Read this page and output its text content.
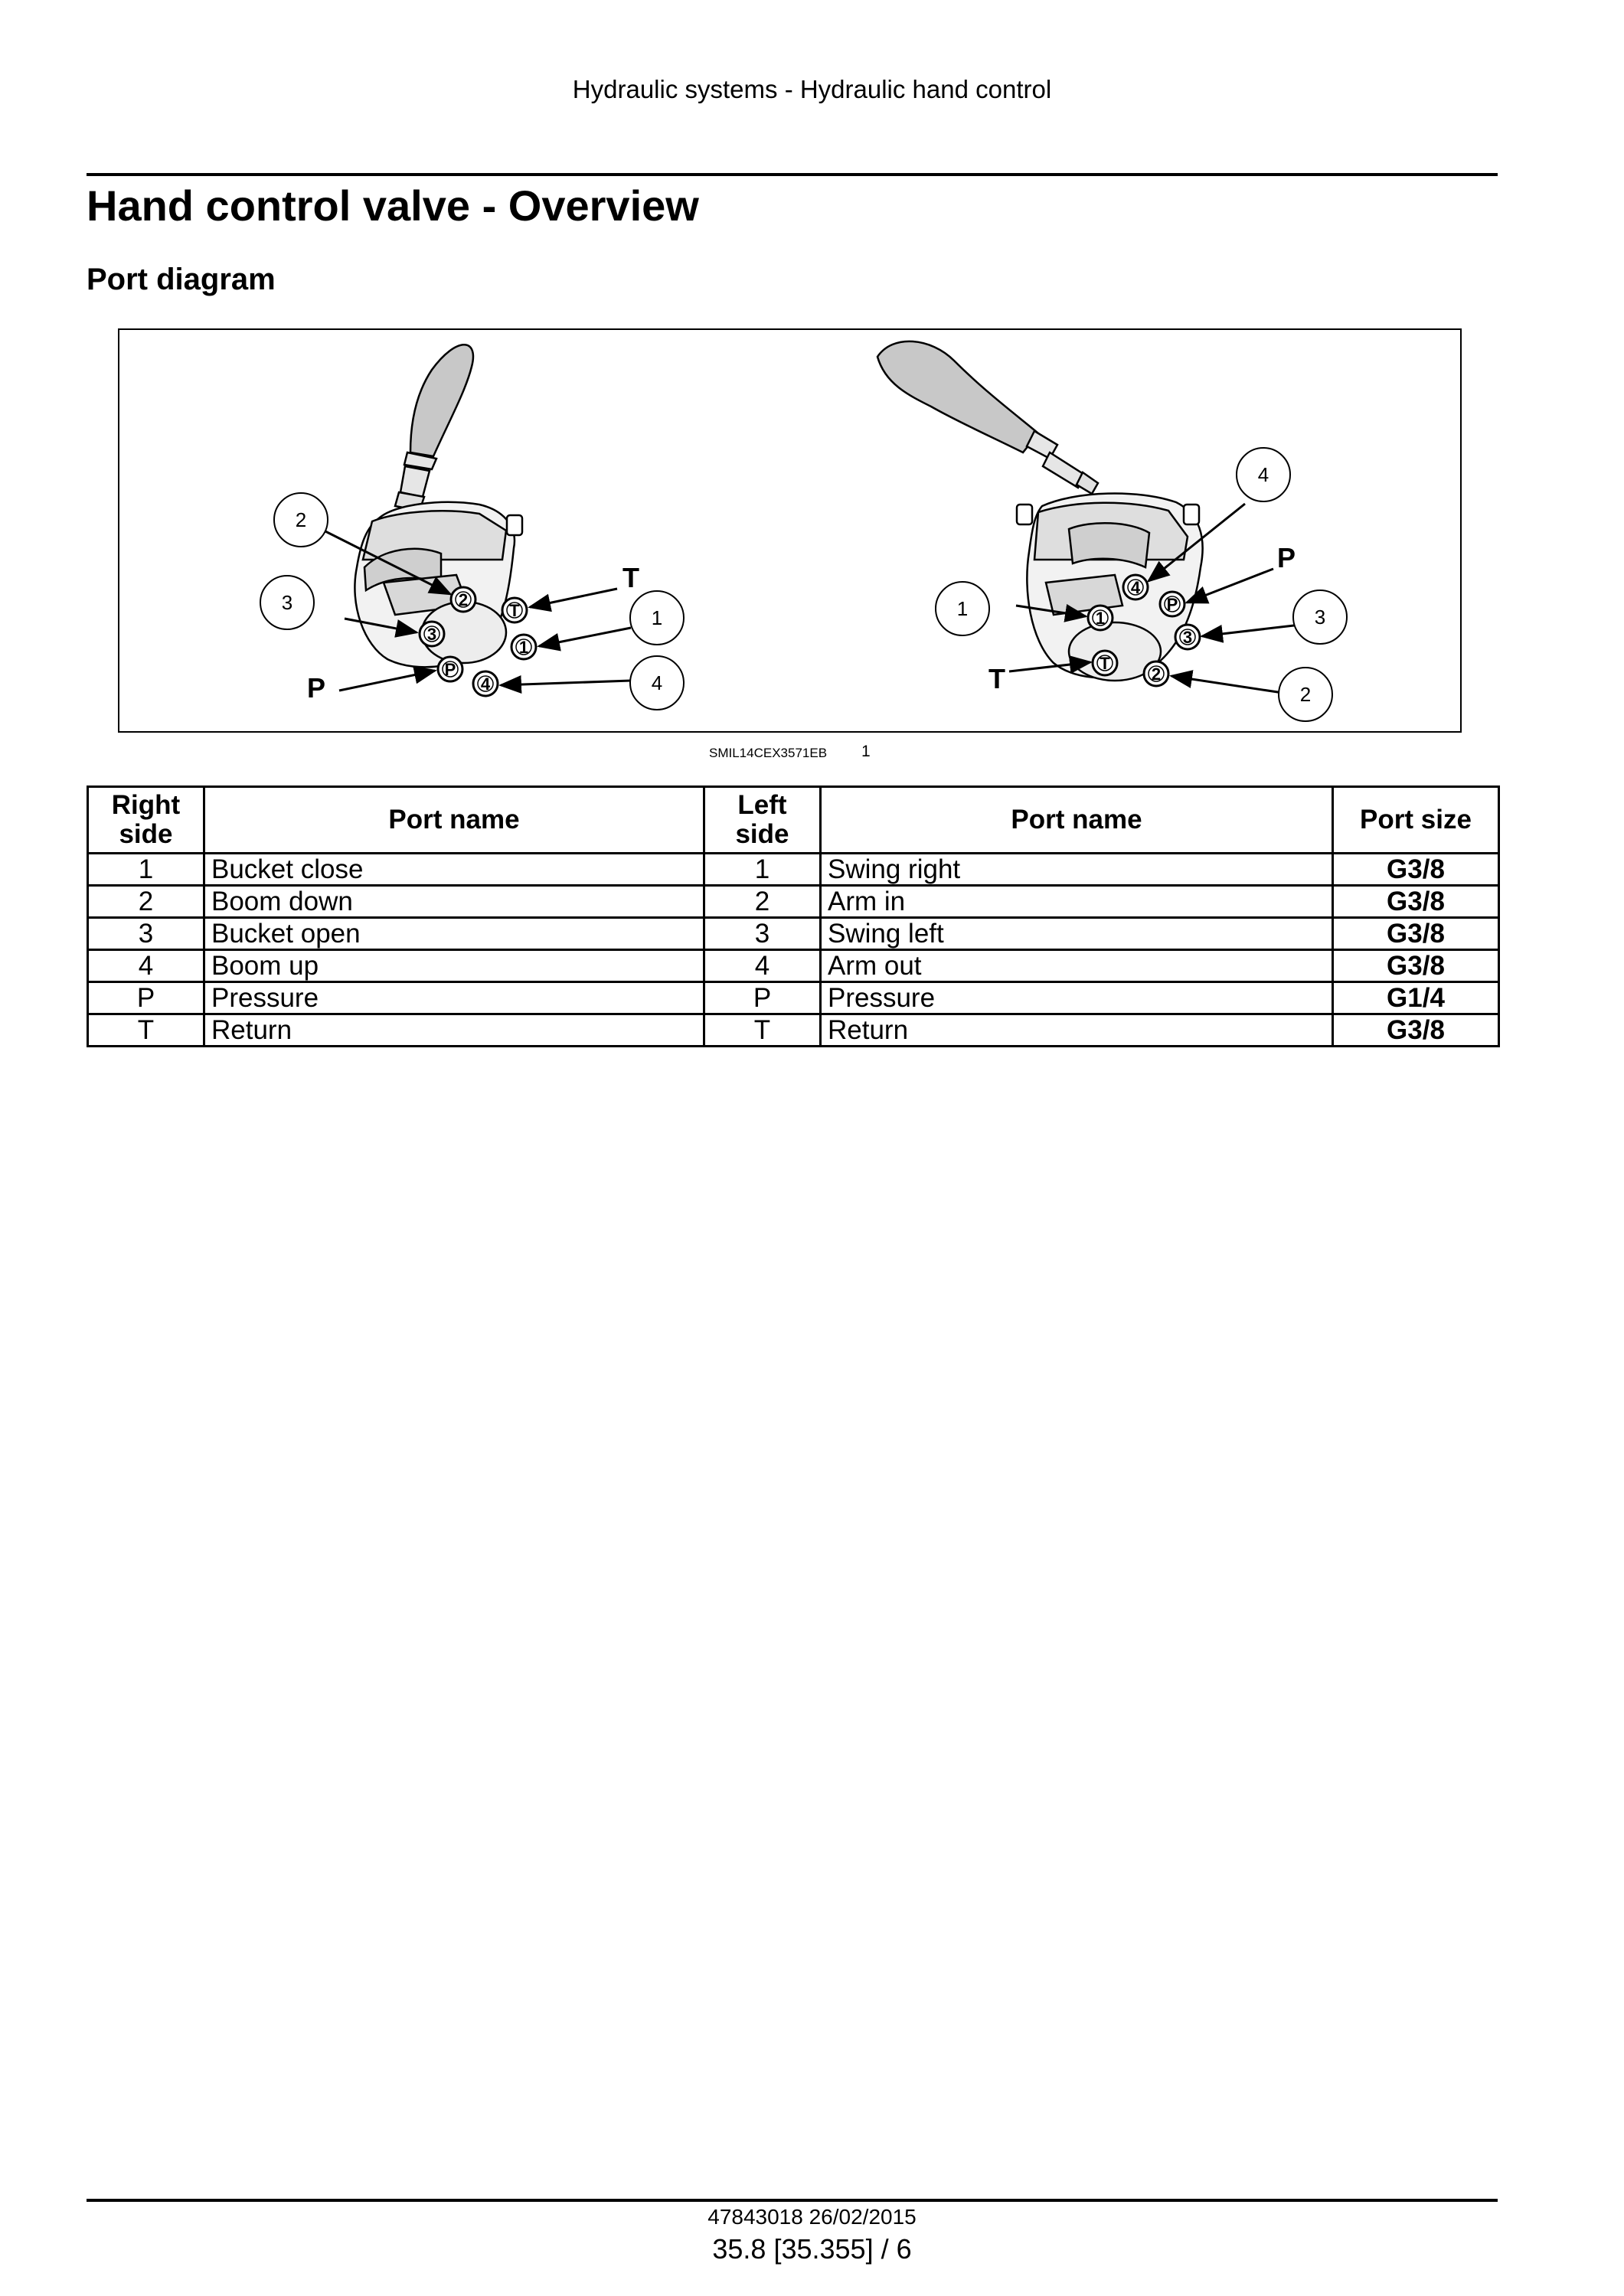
Hydraulic systems - Hydraulic hand control
Hand control valve - Overview
Port diagram
2
T
3
1
P
4
2
3
1
4
T
P
4
P
1
3
T
2
4
1	3
2
P
T
SMIL14CEX3571EB 1
Right side	Port name	Left side	Port name	Port size
1	Bucket close	1	Swing right	G3/8
2	Boom down	2	Arm in	G3/8
3	Bucket open	3	Swing left	G3/8
4	Boom up	4	Arm out	G3/8
P	Pressure	P	Pressure	G1/4
T	Return	T	Return	G3/8
47843018 26/02/2015
35.8 [35.355] / 6
